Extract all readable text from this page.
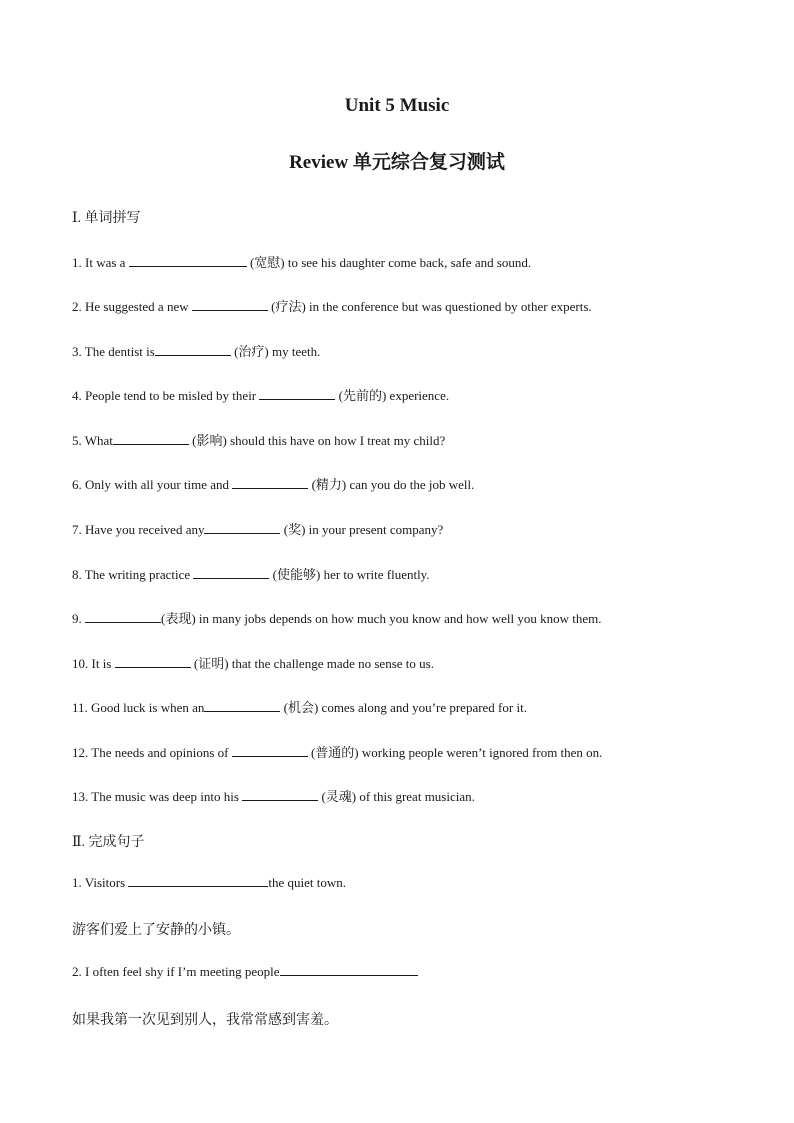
Unit 5 Music
Review 单元综合复习测试
Ⅰ. 单词拼写
1. It was a	(宽慰) to see his daughter come back, safe and sound.
2. He suggested a new	(疗法) in the conference but was questioned by other experts.
3. The dentist is	(治疗) my teeth.
4. People tend to be misled by their	(先前的) experience.
5. What	(影响) should this have on how I treat my child?
6. Only with all your time and	(精力) can you do the job well.
7. Have you received any	(奖) in your present company?
8. The writing practice	(使能够) her to write fluently.
9.	(表现) in many jobs depends on how much you know and how well you know them.
10. It is	(证明) that the challenge made no sense to us.
11. Good luck is when an	(机会) comes along and you’re prepared for it.
12. The needs and opinions of	(普通的) working people weren’t ignored from then on.
13. The music was deep into his	(灵魂) of this great musician.
Ⅱ. 完成句子
1. Visitors	the quiet town.
游客们爱上了安静的小镇。
2. I often feel shy if I’m meeting people
如果我第一次见到别人，我常常感到害羞。
